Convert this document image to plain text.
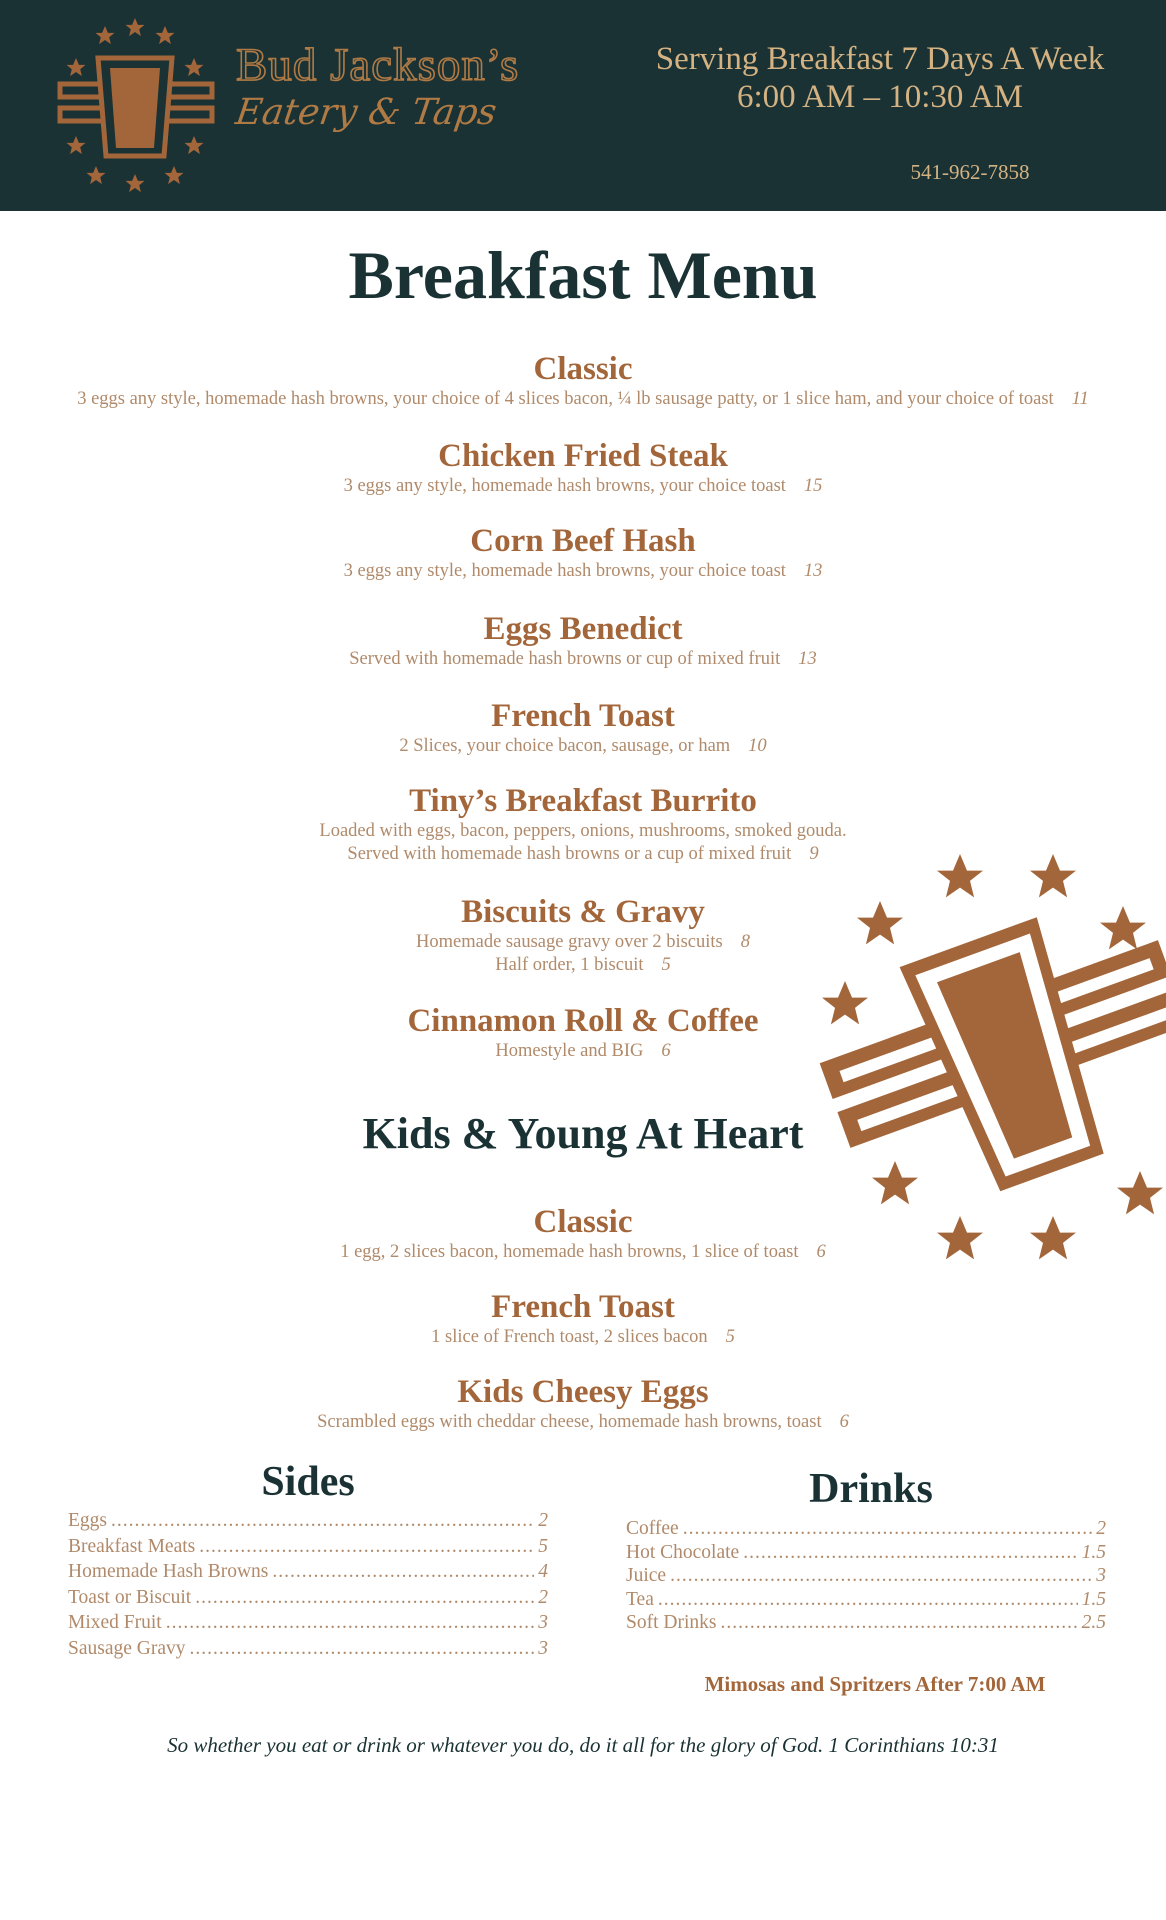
Bud Jackson’s
Eatery & Taps
Serving Breakfast 7 Days A Week
6:00 AM – 10:30 AM
541-962-7858
Breakfast Menu
Classic
3 eggs any style, homemade hash browns, your choice of 4 slices bacon, ¼ lb sausage patty, or 1 slice ham, and your choice of toast 11
Chicken Fried Steak
3 eggs any style, homemade hash browns, your choice toast 15
Corn Beef Hash
3 eggs any style, homemade hash browns, your choice toast 13
Eggs Benedict
Served with homemade hash browns or cup of mixed fruit 13
French Toast
2 Slices, your choice bacon, sausage, or ham 10
Tiny’s Breakfast Burrito
Loaded with eggs, bacon, peppers, onions, mushrooms, smoked gouda.
Served with homemade hash browns or a cup of mixed fruit 9
Biscuits & Gravy
Homemade sausage gravy over 2 biscuits 8
Half order, 1 biscuit 5
Cinnamon Roll & Coffee
Homestyle and BIG 6
Kids & Young At Heart
Classic
1 egg, 2 slices bacon, homemade hash browns, 1 slice of toast 6
French Toast
1 slice of French toast, 2 slices bacon 5
Kids Cheesy Eggs
Scrambled eggs with cheddar cheese, homemade hash browns, toast 6
Sides
Eggs .....	2
Breakfast Meats .....	5
Homemade Hash Browns .....	4
Toast or Biscuit .....	2
Mixed Fruit .....	3
Sausage Gravy .....	3
Drinks
Coffee .....	2
Hot Chocolate .....	1.5
Juice .....	3
Tea .....	1.5
Soft Drinks .....	2.5
Mimosas and Spritzers After 7:00 AM
So whether you eat or drink or whatever you do, do it all for the glory of God. 1 Corinthians 10:31
